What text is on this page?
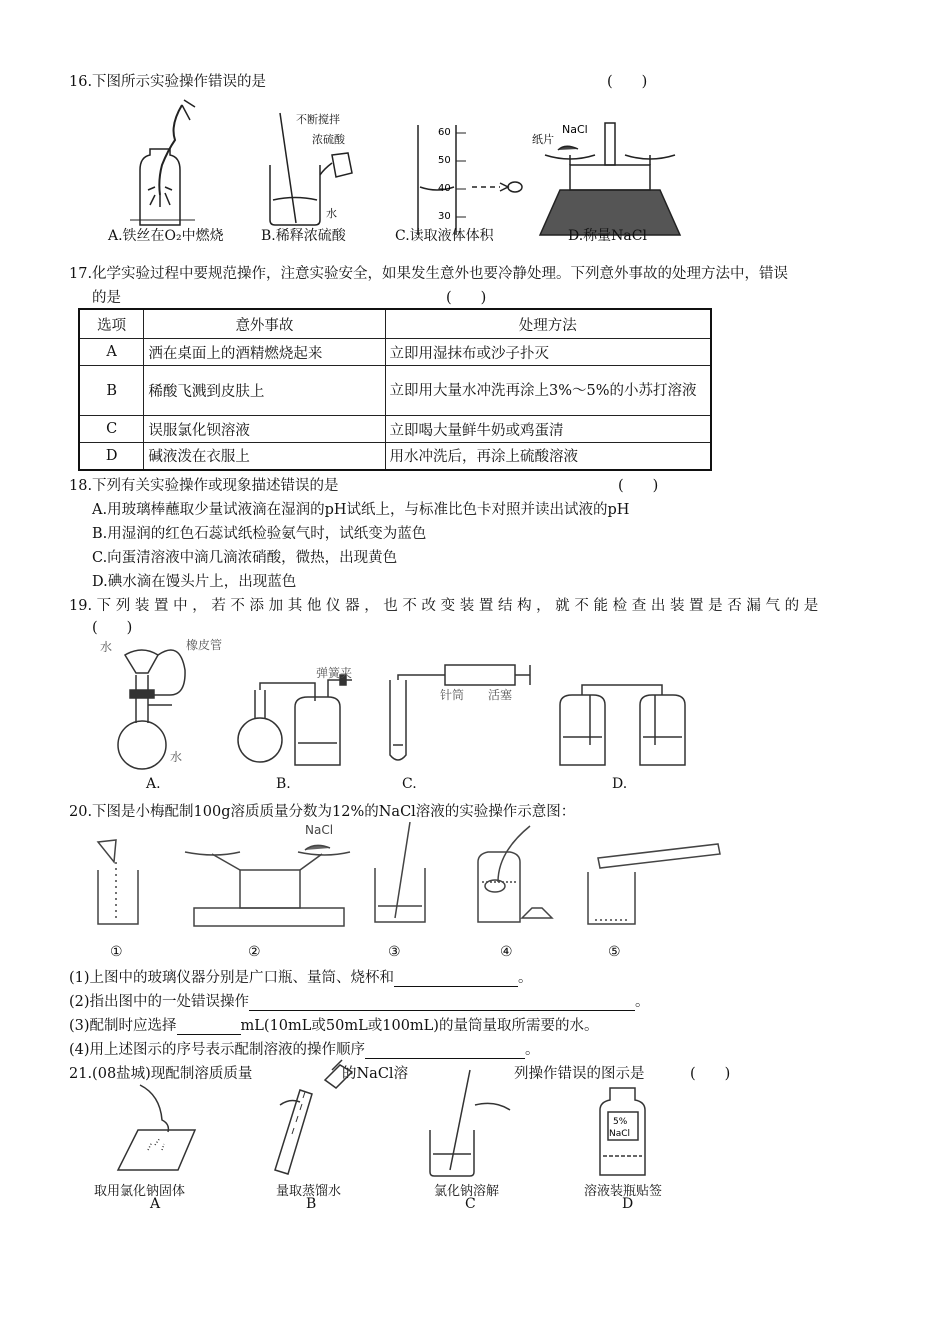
16.下图所示实验操作错误的是	(　　)
不断搅拌
浓硫酸
水
60
50
40
30
纸片
NaCl
A.铁丝在O₂中燃烧	B.稀释浓硫酸	C.读取液体体积	D.称量NaCl
17.化学实验过程中要规范操作，注意实验安全，如果发生意外也要冷静处理。下列意外事故的处理方法中，错误
的是	(　　)
选项	意外事故	处理方法
A	洒在桌面上的酒精燃烧起来	立即用湿抹布或沙子扑灭
B	稀酸飞溅到皮肤上	立即用大量水冲洗再涂上3%～5%的小苏打溶液
C	误服氯化钡溶液	立即喝大量鲜牛奶或鸡蛋清
D	碱液泼在衣服上	用水冲洗后，再涂上硫酸溶液
18.下列有关实验操作或现象描述错误的是	(　　)
A.用玻璃棒蘸取少量试液滴在湿润的pH试纸上，与标准比色卡对照并读出试液的pH
B.用湿润的红色石蕊试纸检验氨气时，试纸变为蓝色
C.向蛋清溶液中滴几滴浓硝酸，微热，出现黄色
D.碘水滴在馒头片上，出现蓝色
19. 下 列 装 置 中 ， 若 不 添 加 其 他 仪 器 ， 也 不 改 变 装 置 结 构 ， 就 不 能 检 查 出 装 置 是 否 漏 气 的 是
(　　)
水	橡皮管
水
弹簧夹
针筒 活塞
A.	B.	C.	D.
20.下图是小梅配制100g溶质质量分数为12%的NaCl溶液的实验操作示意图：
NaCl
①	②	③	④	⑤
(1)上图中的玻璃仪器分别是广口瓶、量筒、烧杯和	。
(2)指出图中的一处错误操作	。
(3)配制时应选择	mL(10mL或50mL或100mL)的量筒量取所需要的水。
(4)用上述图示的序号表示配制溶液的操作顺序	。
21.(08盐城)现配制溶质质量	的NaCl溶	列操作错误的图示是	(　　)
5%
NaCl
取用氯化钠固体	量取蒸馏水	氯化钠溶解	溶液装瓶贴签
A	B	C	D
